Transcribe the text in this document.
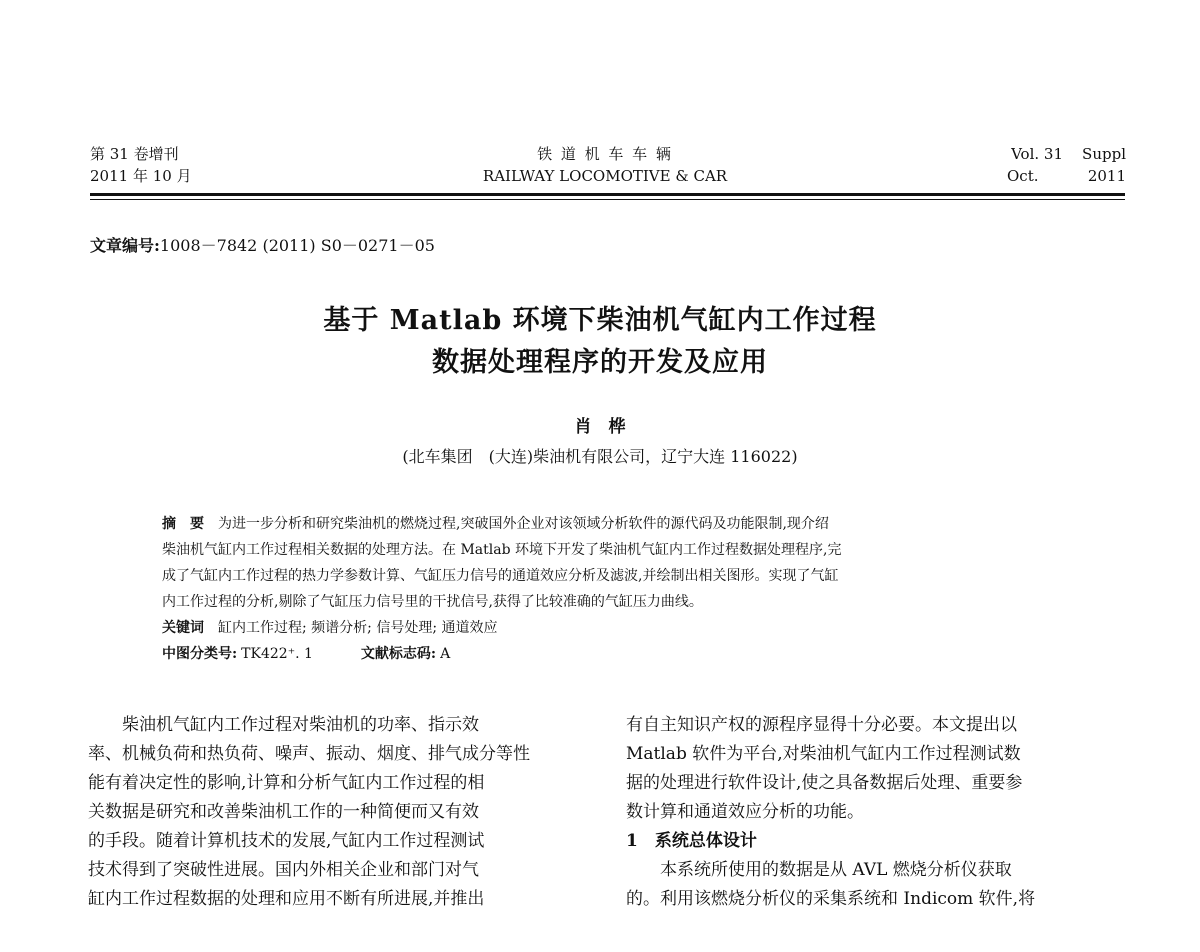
第 31 卷增刊
2011 年 10 月
铁 道 机 车 车 辆
RAILWAY LOCOMOTIVE & CAR
Vol. 31	Suppl
Oct.	2011
文章编号:1008－7842 (2011) S0－0271－05
基于 Matlab 环境下柴油机气缸内工作过程
数据处理程序的开发及应用
肖　桦
(北车集团　(大连)柴油机有限公司，辽宁大连 116022)
摘　要 为进一步分析和研究柴油机的燃烧过程,突破国外企业对该领域分析软件的源代码及功能限制,现介绍
柴油机气缸内工作过程相关数据的处理方法。在 Matlab 环境下开发了柴油机气缸内工作过程数据处理程序,完
成了气缸内工作过程的热力学参数计算、气缸压力信号的通道效应分析及滤波,并绘制出相关图形。实现了气缸
内工作过程的分析,剔除了气缸压力信号里的干扰信号,获得了比较准确的气缸压力曲线。
关键词 缸内工作过程; 频谱分析; 信号处理; 通道效应
中图分类号: TK422⁺. 1	文献标志码: A
　　柴油机气缸内工作过程对柴油机的功率、指示效
率、机械负荷和热负荷、噪声、振动、烟度、排气成分等性
能有着决定性的影响,计算和分析气缸内工作过程的相
关数据是研究和改善柴油机工作的一种简便而又有效
的手段。随着计算机技术的发展,气缸内工作过程测试
技术得到了突破性进展。国内外相关企业和部门对气
缸内工作过程数据的处理和应用不断有所进展,并推出
有自主知识产权的源程序显得十分必要。本文提出以
Matlab 软件为平台,对柴油机气缸内工作过程测试数
据的处理进行软件设计,使之具备数据后处理、重要参
数计算和通道效应分析的功能。
1　系统总体设计
　　本系统所使用的数据是从 AVL 燃烧分析仪获取
的。利用该燃烧分析仪的采集系统和 Indicom 软件,将
